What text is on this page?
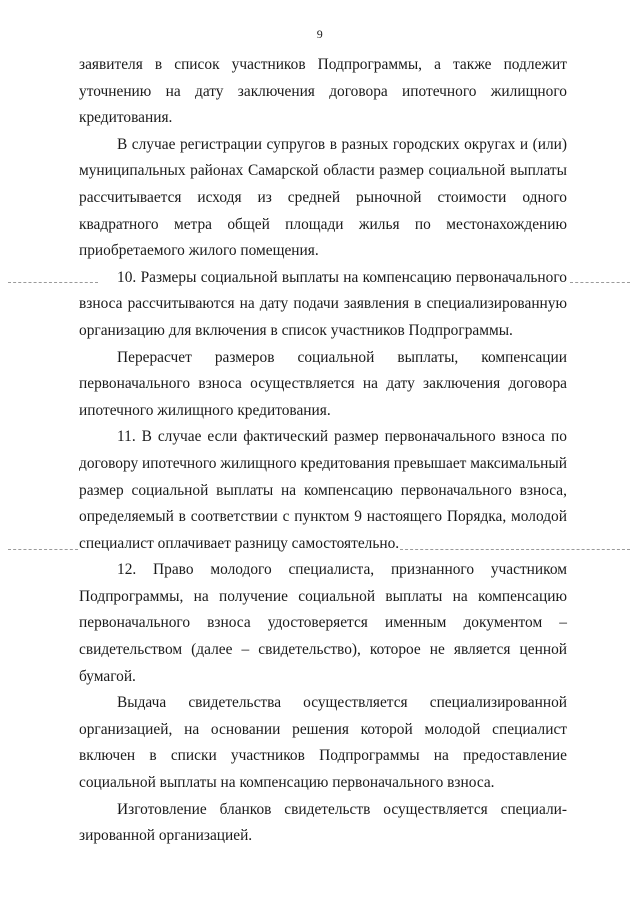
9
заявителя в список участников Подпрограммы, а также подлежит
уточнению на дату заключения договора ипотечного жилищного
кредитования.
В случае регистрации супругов в разных городских округах и (или)
муниципальных районах Самарской области размер социальной выплаты
рассчитывается исходя из средней рыночной стоимости одного
квадратного метра общей площади жилья по местонахождению
приобретаемого жилого помещения.
10. Размеры социальной выплаты на компенсацию первоначального
взноса рассчитываются на дату подачи заявления в специализированную
организацию для включения в список участников Подпрограммы.
Перерасчет размеров социальной выплаты, компенсации
первоначального взноса осуществляется на дату заключения договора
ипотечного жилищного кредитования.
11. В случае если фактический размер первоначального взноса по
договору ипотечного жилищного кредитования превышает максимальный
размер социальной выплаты на компенсацию первоначального взноса,
определяемый в соответствии с пунктом 9 настоящего Порядка, молодой
специалист оплачивает разницу самостоятельно.
12. Право молодого специалиста, признанного участником
Подпрограммы, на получение социальной выплаты на компенсацию
первоначального взноса удостоверяется именным документом –
свидетельством (далее – свидетельство), которое не является ценной
бумагой.
Выдача свидетельства осуществляется специализированной
организацией, на основании решения которой молодой специалист
включен в списки участников Подпрограммы на предоставление
социальной выплаты на компенсацию первоначального взноса.
Изготовление бланков свидетельств осуществляется специали-
зированной организацией.
